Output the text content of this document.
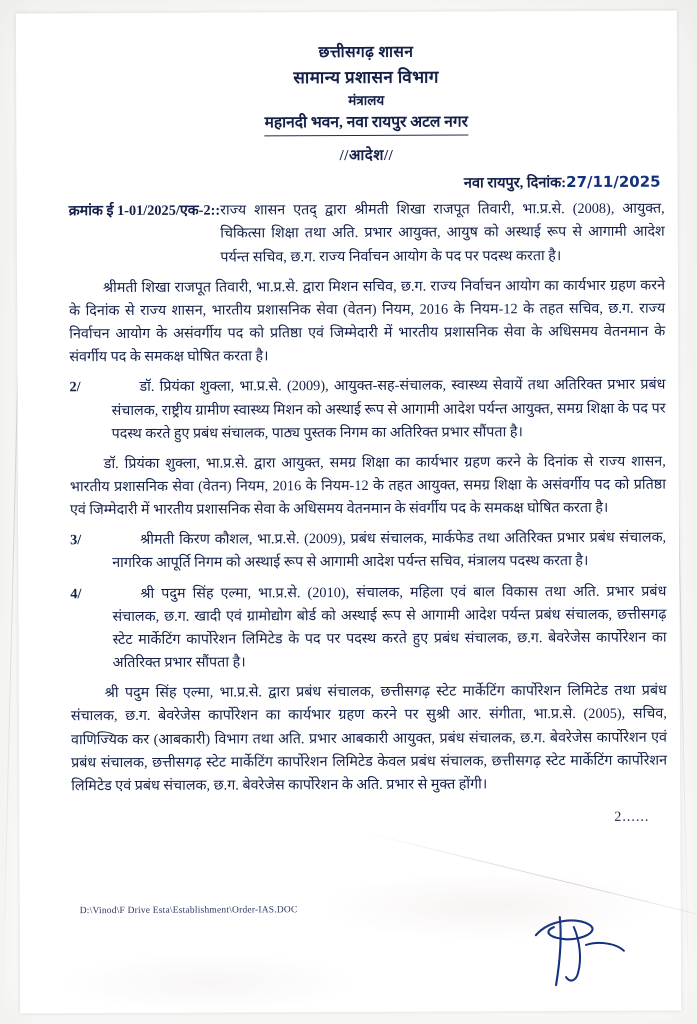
छत्तीसगढ़ शासन
सामान्य प्रशासन विभाग
मंत्रालय
महानदी भवन, नवा रायपुर अटल नगर
//आदेश//
नवा रायपुर, दिनांक:27/11/2025
क्रमांक ई 1-01/2025/एक-2:: राज्य शासन एतद् द्वारा श्रीमती शिखा राजपूत तिवारी, भा.प्र.से. (2008), आयुक्त, चिकित्सा शिक्षा तथा अति. प्रभार आयुक्त, आयुष को अस्थाई रूप से आगामी आदेश पर्यन्त सचिव, छ.ग. राज्य निर्वाचन आयोग के पद पर पदस्थ करता है।
श्रीमती शिखा राजपूत तिवारी, भा.प्र.से. द्वारा मिशन सचिव, छ.ग. राज्य निर्वाचन आयोग का कार्यभार ग्रहण करने के दिनांक से राज्य शासन, भारतीय प्रशासनिक सेवा (वेतन) नियम, 2016 के नियम-12 के तहत सचिव, छ.ग. राज्य निर्वाचन आयोग के असंवर्गीय पद को प्रतिष्ठा एवं जिम्मेदारी में भारतीय प्रशासनिक सेवा के अधिसमय वेतनमान के संवर्गीय पद के समकक्ष घोषित करता है।
2/	डॉ. प्रियंका शुक्ला, भा.प्र.से. (2009), आयुक्त-सह-संचालक, स्वास्थ्य सेवायें तथा अतिरिक्त प्रभार प्रबंध संचालक, राष्ट्रीय ग्रामीण स्वास्थ्य मिशन को अस्थाई रूप से आगामी आदेश पर्यन्त आयुक्त, समग्र शिक्षा के पद पर पदस्थ करते हुए प्रबंध संचालक, पाठ्य पुस्तक निगम का अतिरिक्त प्रभार सौंपता है।
डॉ. प्रियंका शुक्ला, भा.प्र.से. द्वारा आयुक्त, समग्र शिक्षा का कार्यभार ग्रहण करने के दिनांक से राज्य शासन, भारतीय प्रशासनिक सेवा (वेतन) नियम, 2016 के नियम-12 के तहत आयुक्त, समग्र शिक्षा के असंवर्गीय पद को प्रतिष्ठा एवं जिम्मेदारी में भारतीय प्रशासनिक सेवा के अधिसमय वेतनमान के संवर्गीय पद के समकक्ष घोषित करता है।
3/	श्रीमती किरण कौशल, भा.प्र.से. (2009), प्रबंध संचालक, मार्कफेड तथा अतिरिक्त प्रभार प्रबंध संचालक, नागरिक आपूर्ति निगम को अस्थाई रूप से आगामी आदेश पर्यन्त सचिव, मंत्रालय पदस्थ करता है।
4/	श्री पदुम सिंह एल्मा, भा.प्र.से. (2010), संचालक, महिला एवं बाल विकास तथा अति. प्रभार प्रबंध संचालक, छ.ग. खादी एवं ग्रामोद्योग बोर्ड को अस्थाई रूप से आगामी आदेश पर्यन्त प्रबंध संचालक, छत्तीसगढ़ स्टेट मार्केटिंग कार्पोरेशन लिमिटेड के पद पर पदस्थ करते हुए प्रबंध संचालक, छ.ग. बेवरेजेस कार्पोरेशन का अतिरिक्त प्रभार सौंपता है।
श्री पदुम सिंह एल्मा, भा.प्र.से. द्वारा प्रबंध संचालक, छत्तीसगढ़ स्टेट मार्केटिंग कार्पोरेशन लिमिटेड तथा प्रबंध संचालक, छ.ग. बेवरेजेस कार्पोरेशन का कार्यभार ग्रहण करने पर सुश्री आर. संगीता, भा.प्र.से. (2005), सचिव, वाणिज्यिक कर (आबकारी) विभाग तथा अति. प्रभार आबकारी आयुक्त, प्रबंध संचालक, छ.ग. बेवरेजेस कार्पोरेशन एवं प्रबंध संचालक, छत्तीसगढ़ स्टेट मार्केटिंग कार्पोरेशन लिमिटेड केवल प्रबंध संचालक, छत्तीसगढ़ स्टेट मार्केटिंग कार्पोरेशन लिमिटेड एवं प्रबंध संचालक, छ.ग. बेवरेजेस कार्पोरेशन के अति. प्रभार से मुक्त होंगी।
2......
D:\Vinod\F Drive Esta\Establishment\Order-IAS.DOC
